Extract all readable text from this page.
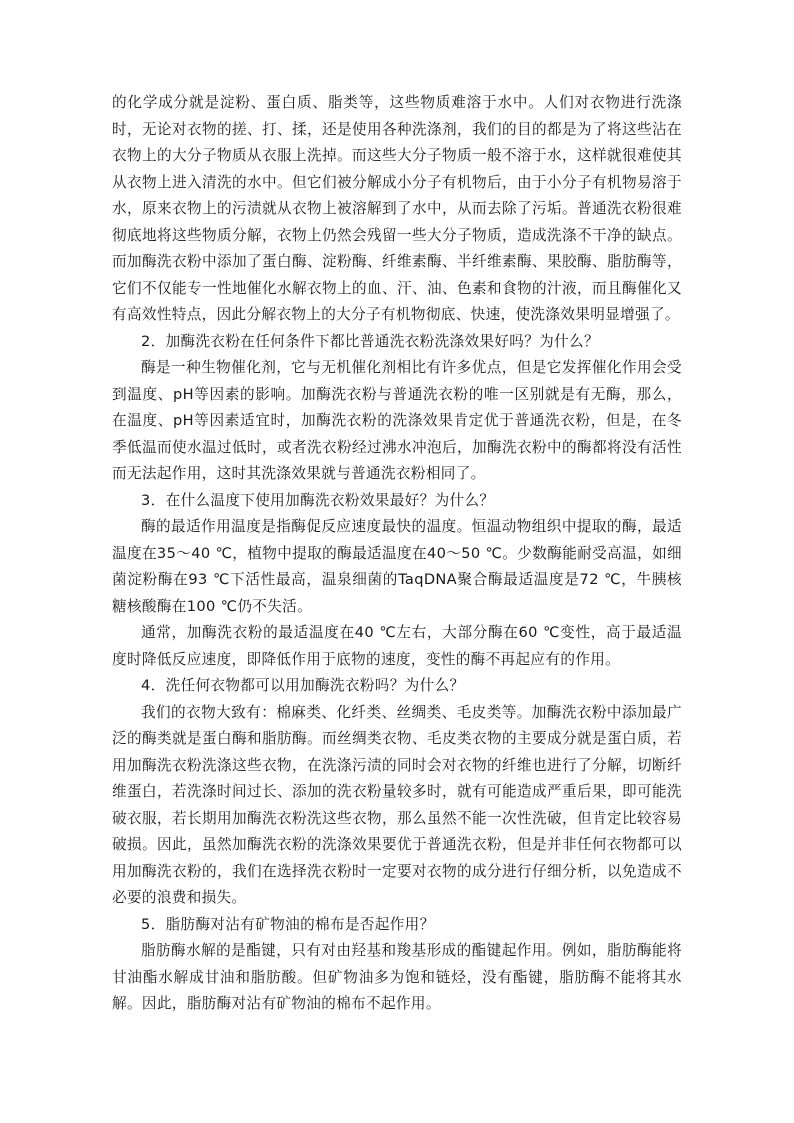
的化学成分就是淀粉、蛋白质、脂类等，这些物质难溶于水中。人们对衣物进行洗涤时，无论对衣物的搓、打、揉，还是使用各种洗涤剂，我们的目的都是为了将这些沾在衣物上的大分子物质从衣服上洗掉。而这些大分子物质一般不溶于水，这样就很难使其从衣物上进入清洗的水中。但它们被分解成小分子有机物后，由于小分子有机物易溶于水，原来衣物上的污渍就从衣物上被溶解到了水中，从而去除了污垢。普通洗衣粉很难彻底地将这些物质分解，衣物上仍然会残留一些大分子物质，造成洗涤不干净的缺点。而加酶洗衣粉中添加了蛋白酶、淀粉酶、纤维素酶、半纤维素酶、果胶酶、脂肪酶等，它们不仅能专一性地催化水解衣物上的血、汗、油、色素和食物的汁液，而且酶催化又有高效性特点，因此分解衣物上的大分子有机物彻底、快速，使洗涤效果明显增强了。

2．加酶洗衣粉在任何条件下都比普通洗衣粉洗涤效果好吗？为什么？

酶是一种生物催化剂，它与无机催化剂相比有许多优点，但是它发挥催化作用会受到温度、pH等因素的影响。加酶洗衣粉与普通洗衣粉的唯一区别就是有无酶，那么，在温度、pH等因素适宜时，加酶洗衣粉的洗涤效果肯定优于普通洗衣粉，但是，在冬季低温而使水温过低时，或者洗衣粉经过沸水冲泡后，加酶洗衣粉中的酶都将没有活性而无法起作用，这时其洗涤效果就与普通洗衣粉相同了。

3．在什么温度下使用加酶洗衣粉效果最好？为什么？

酶的最适作用温度是指酶促反应速度最快的温度。恒温动物组织中提取的酶，最适温度在35～40 ℃，植物中提取的酶最适温度在40～50 ℃。少数酶能耐受高温，如细菌淀粉酶在93 ℃下活性最高，温泉细菌的TaqDNA聚合酶最适温度是72 ℃，牛胰核糖核酸酶在100 ℃仍不失活。

通常，加酶洗衣粉的最适温度在40 ℃左右，大部分酶在60 ℃变性，高于最适温度时降低反应速度，即降低作用于底物的速度，变性的酶不再起应有的作用。

4．洗任何衣物都可以用加酶洗衣粉吗？为什么？

我们的衣物大致有：棉麻类、化纤类、丝绸类、毛皮类等。加酶洗衣粉中添加最广泛的酶类就是蛋白酶和脂肪酶。而丝绸类衣物、毛皮类衣物的主要成分就是蛋白质，若用加酶洗衣粉洗涤这些衣物，在洗涤污渍的同时会对衣物的纤维也进行了分解，切断纤维蛋白，若洗涤时间过长、添加的洗衣粉量较多时，就有可能造成严重后果，即可能洗破衣服，若长期用加酶洗衣粉洗这些衣物，那么虽然不能一次性洗破，但肯定比较容易破损。因此，虽然加酶洗衣粉的洗涤效果要优于普通洗衣粉，但是并非任何衣物都可以用加酶洗衣粉的，我们在选择洗衣粉时一定要对衣物的成分进行仔细分析，以免造成不必要的浪费和损失。

5．脂肪酶对沾有矿物油的棉布是否起作用？

脂肪酶水解的是酯键，只有对由羟基和羧基形成的酯键起作用。例如，脂肪酶能将甘油酯水解成甘油和脂肪酸。但矿物油多为饱和链烃，没有酯键，脂肪酶不能将其水解。因此，脂肪酶对沾有矿物油的棉布不起作用。
